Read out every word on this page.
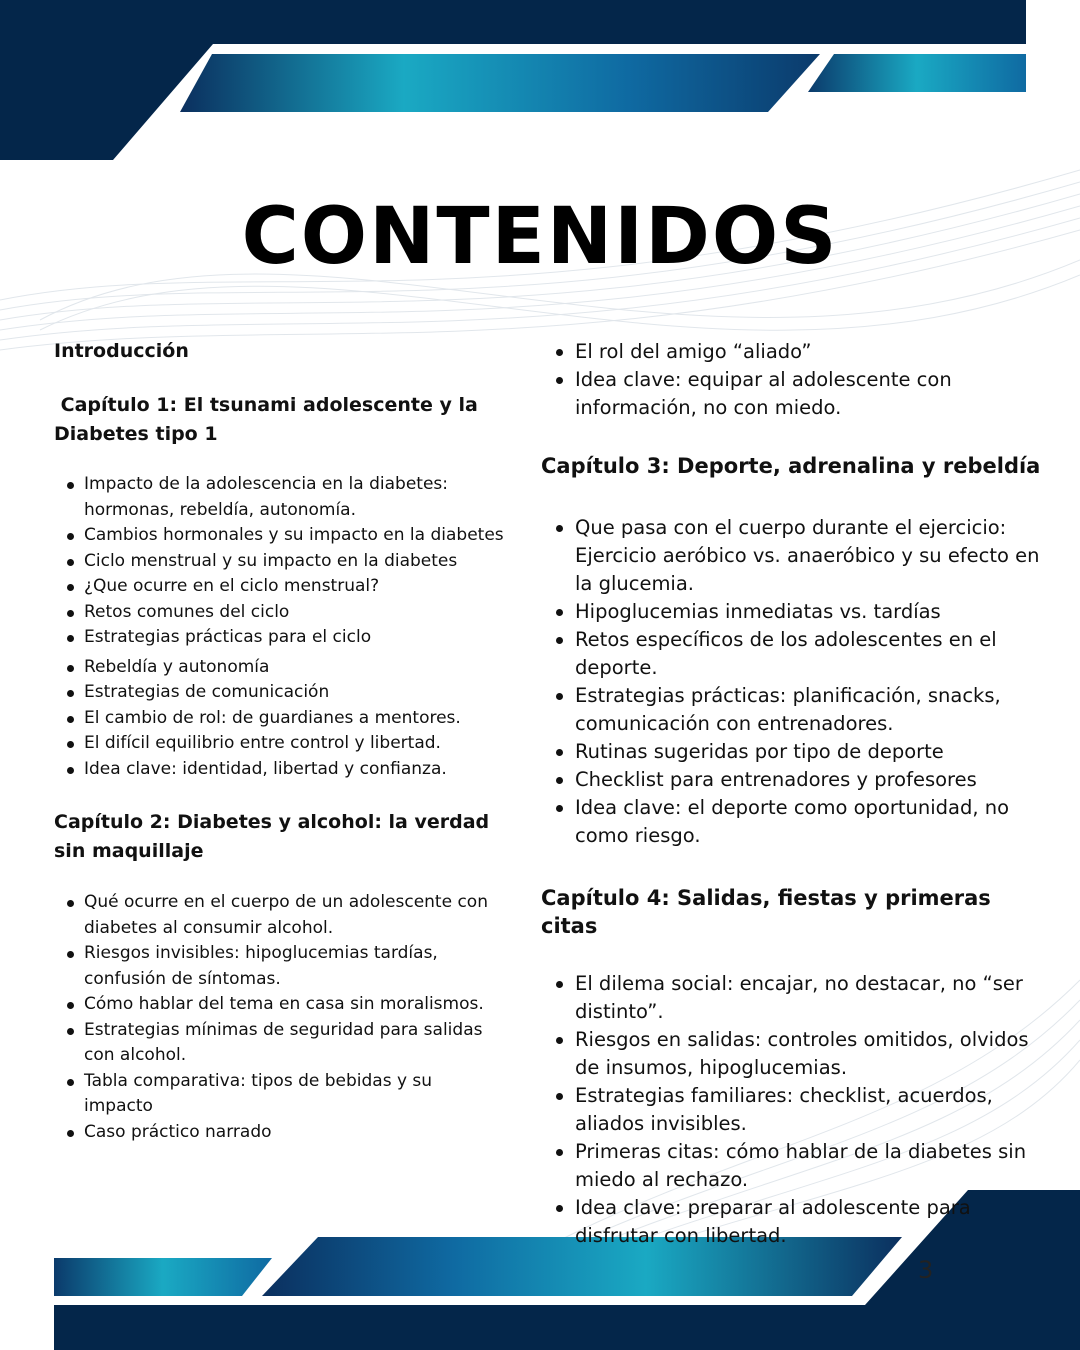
CONTENIDOS

Introducción

Capítulo 1: El tsunami adolescente y la Diabetes tipo 1

Impacto de la adolescencia en la diabetes: hormonas, rebeldía, autonomía.
Cambios hormonales y su impacto en la diabetes
Ciclo menstrual y su impacto en la diabetes
¿Que ocurre en el ciclo menstrual?
Retos comunes del ciclo
Estrategias prácticas para el ciclo
Rebeldía y autonomía
Estrategias de comunicación
El cambio de rol: de guardianes a mentores.
El difícil equilibrio entre control y libertad.
Idea clave: identidad, libertad y confianza.

Capítulo 2: Diabetes y alcohol: la verdad sin maquillaje

Qué ocurre en el cuerpo de un adolescente con diabetes al consumir alcohol.
Riesgos invisibles: hipoglucemias tardías, confusión de síntomas.
Cómo hablar del tema en casa sin moralismos.
Estrategias mínimas de seguridad para salidas con alcohol.
Tabla comparativa: tipos de bebidas y su impacto
Caso práctico narrado
El rol del amigo “aliado”
Idea clave: equipar al adolescente con información, no con miedo.

Capítulo 3: Deporte, adrenalina y rebeldía

Que pasa con el cuerpo durante el ejercicio: Ejercicio aeróbico vs. anaeróbico y su efecto en la glucemia.
Hipoglucemias inmediatas vs. tardías
Retos específicos de los adolescentes en el deporte.
Estrategias prácticas: planificación, snacks, comunicación con entrenadores.
Rutinas sugeridas por tipo de deporte
Checklist para entrenadores y profesores
Idea clave: el deporte como oportunidad, no como riesgo.

Capítulo 4: Salidas, fiestas y primeras citas

El dilema social: encajar, no destacar, no “ser distinto”.
Riesgos en salidas: controles omitidos, olvidos de insumos, hipoglucemias.
Estrategias familiares: checklist, acuerdos, aliados invisibles.
Primeras citas: cómo hablar de la diabetes sin miedo al rechazo.
Idea clave: preparar al adolescente para disfrutar con libertad.
3
